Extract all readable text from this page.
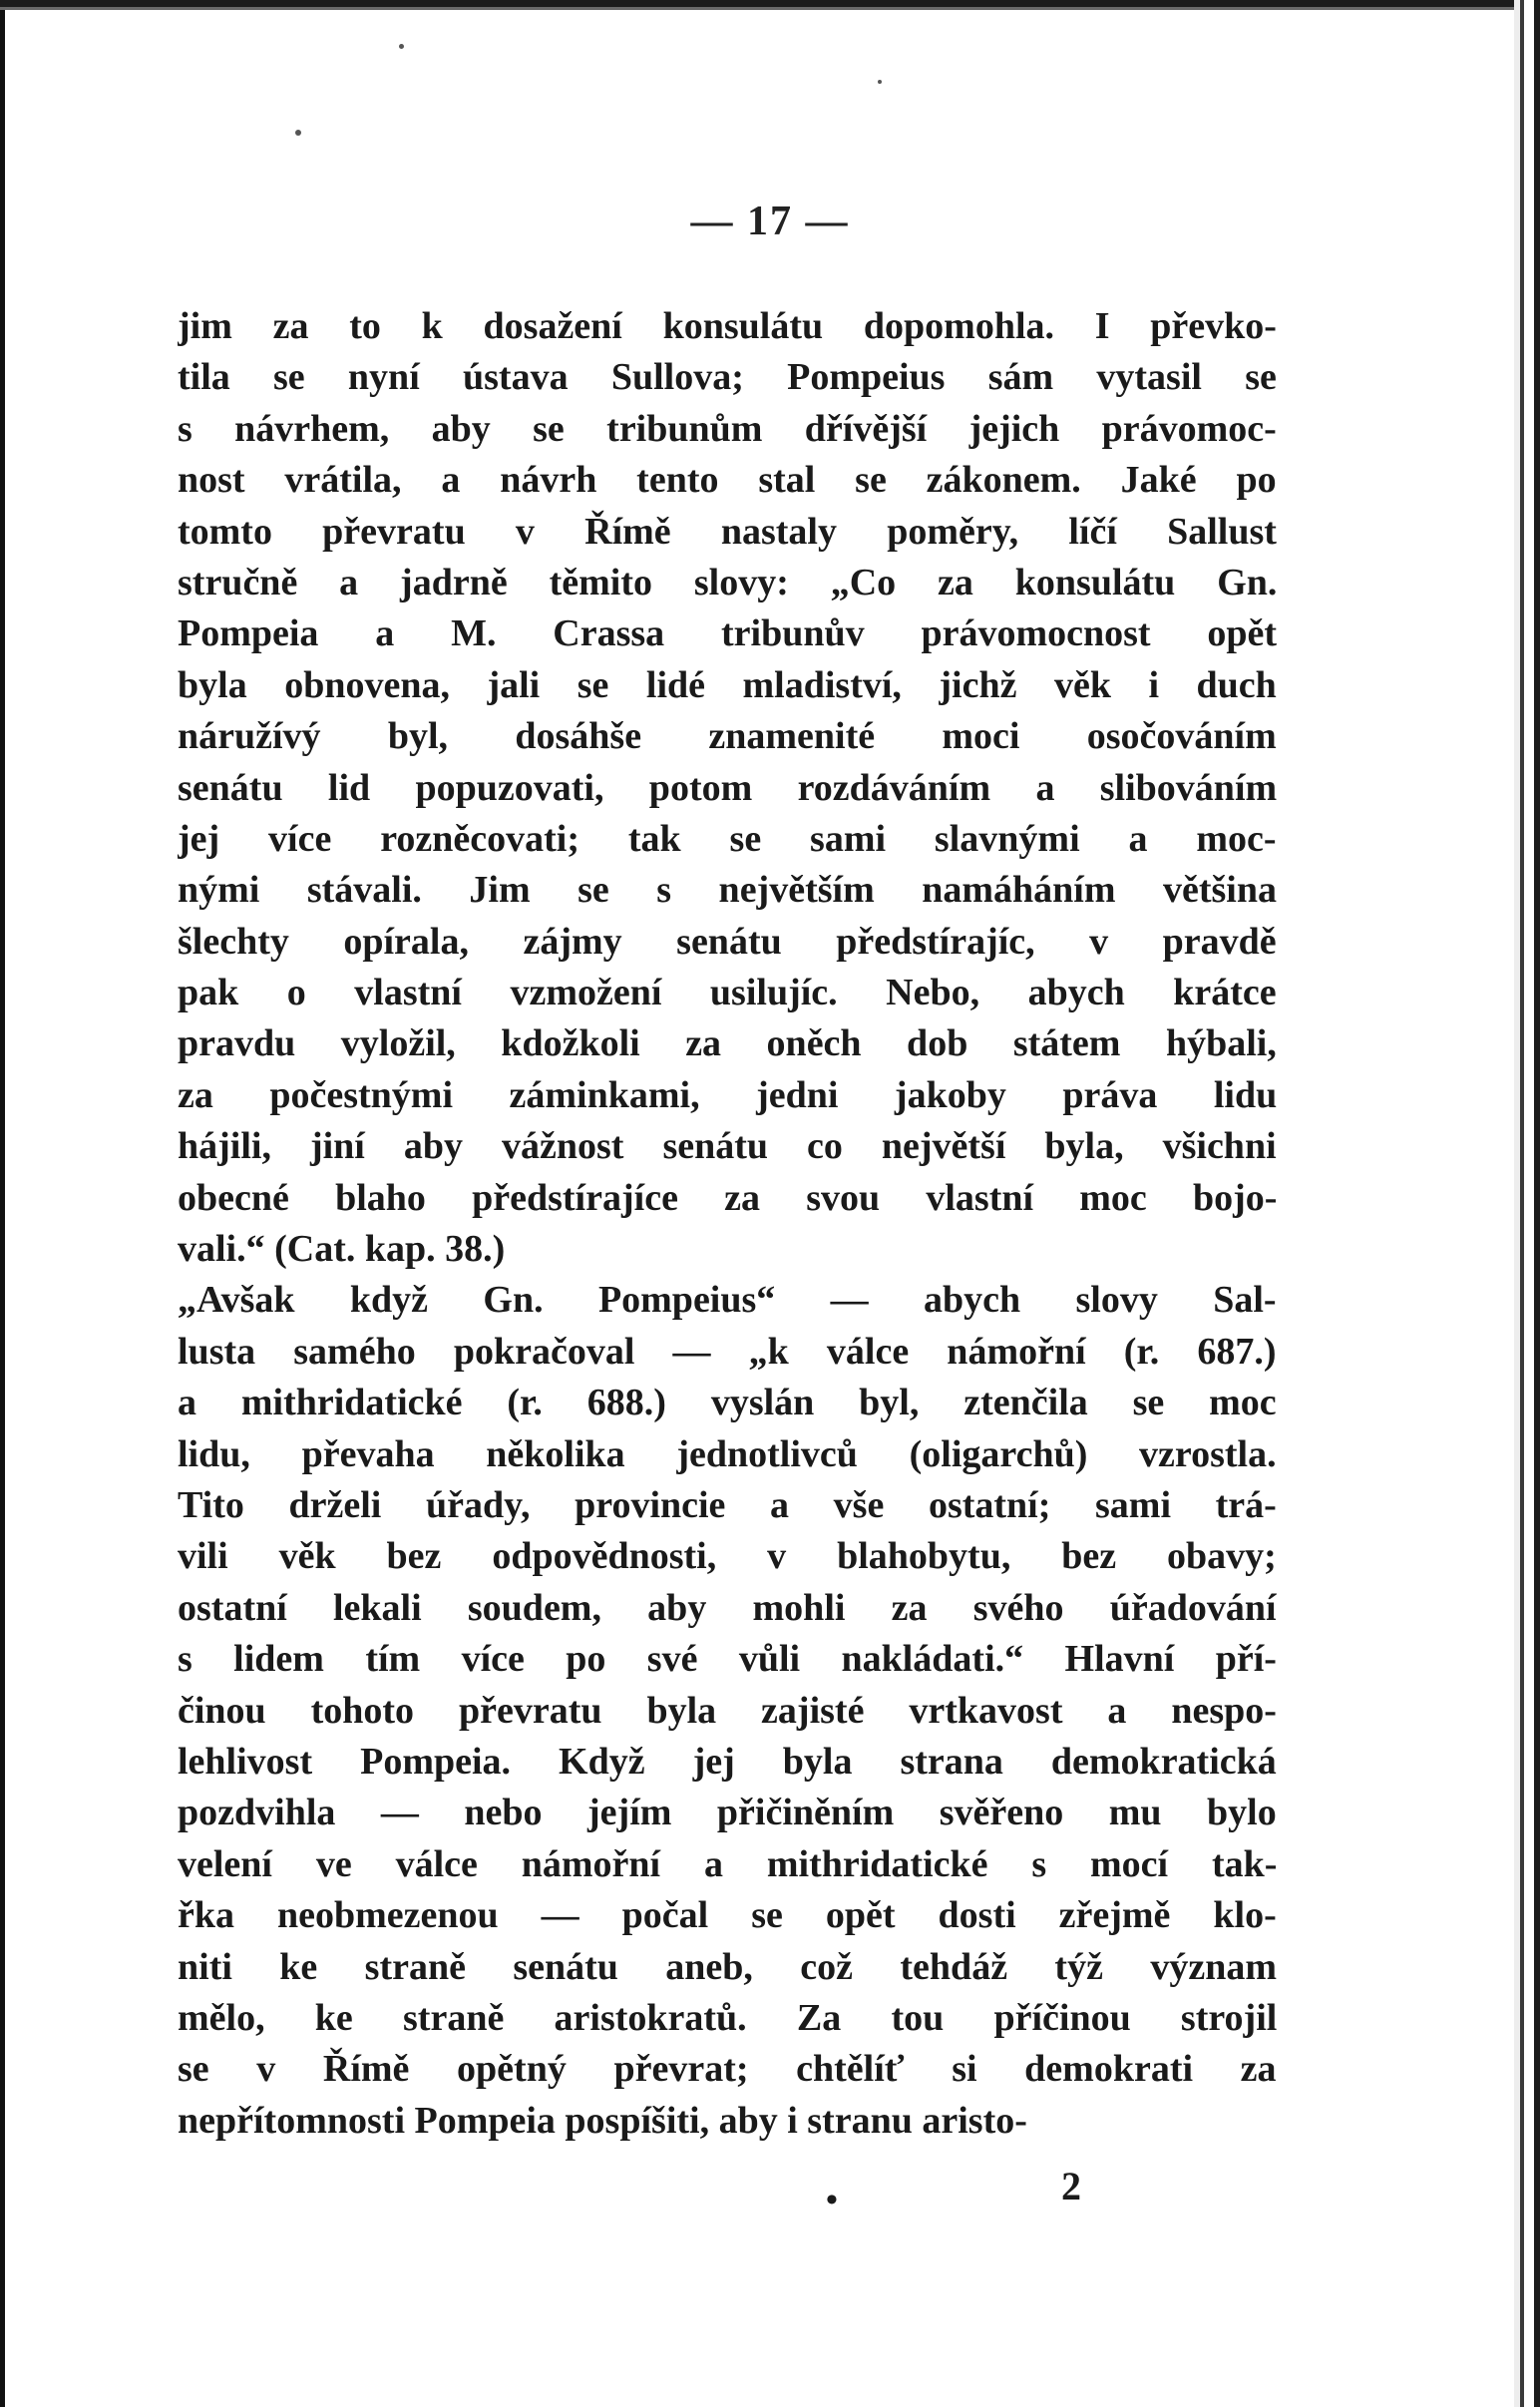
— 17 —
jim za to k dosažení konsulátu dopomohla. I převko-
tila se nyní ústava Sullova; Pompeius sám vytasil se
s návrhem, aby se tribunům dřívější jejich právomoc-
nost vrátila, a návrh tento stal se zákonem. Jaké po
tomto převratu v Římě nastaly poměry, líčí Sallust
stručně a jadrně těmito slovy: „Co za konsulátu Gn.
Pompeia a M. Crassa tribunův právomocnost opět
byla obnovena, jali se lidé mladiství, jichž věk i duch
náružívý byl, dosáhše znamenité moci osočováním
senátu lid popuzovati, potom rozdáváním a slibováním
jej více rozněcovati; tak se sami slavnými a moc-
nými stávali. Jim se s největším namáháním většina
šlechty opírala, zájmy senátu předstírajíc, v pravdě
pak o vlastní vzmožení usilujíc. Nebo, abych krátce
pravdu vyložil, kdožkoli za oněch dob státem hýbali,
za počestnými záminkami, jedni jakoby práva lidu
hájili, jiní aby vážnost senátu co největší byla, všichni
obecné blaho předstírajíce za svou vlastní moc bojo-
vali.“ (Cat. kap. 38.)
„Avšak když Gn. Pompeius“ — abych slovy Sal-
lusta samého pokračoval — „k válce námořní (r. 687.)
a mithridatické (r. 688.) vyslán byl, ztenčila se moc
lidu, převaha několika jednotlivců (oligarchů) vzrostla.
Tito drželi úřady, provincie a vše ostatní; sami trá-
vili věk bez odpovědnosti, v blahobytu, bez obavy;
ostatní lekali soudem, aby mohli za svého úřadování
s lidem tím více po své vůli nakládati.“ Hlavní pří-
činou tohoto převratu byla zajisté vrtkavost a nespo-
lehlivost Pompeia. Když jej byla strana demokratická
pozdvihla — nebo jejím přičiněním svěřeno mu bylo
velení ve válce námořní a mithridatické s mocí tak-
řka neobmezenou — počal se opět dosti zřejmě klo-
niti ke straně senátu aneb, což tehdáž týž význam
mělo, ke straně aristokratů. Za tou příčinou strojil
se v Římě opětný převrat; chtělíť si demokrati za
nepřítomnosti Pompeia pospíšiti, aby i stranu aristo-
•	2
